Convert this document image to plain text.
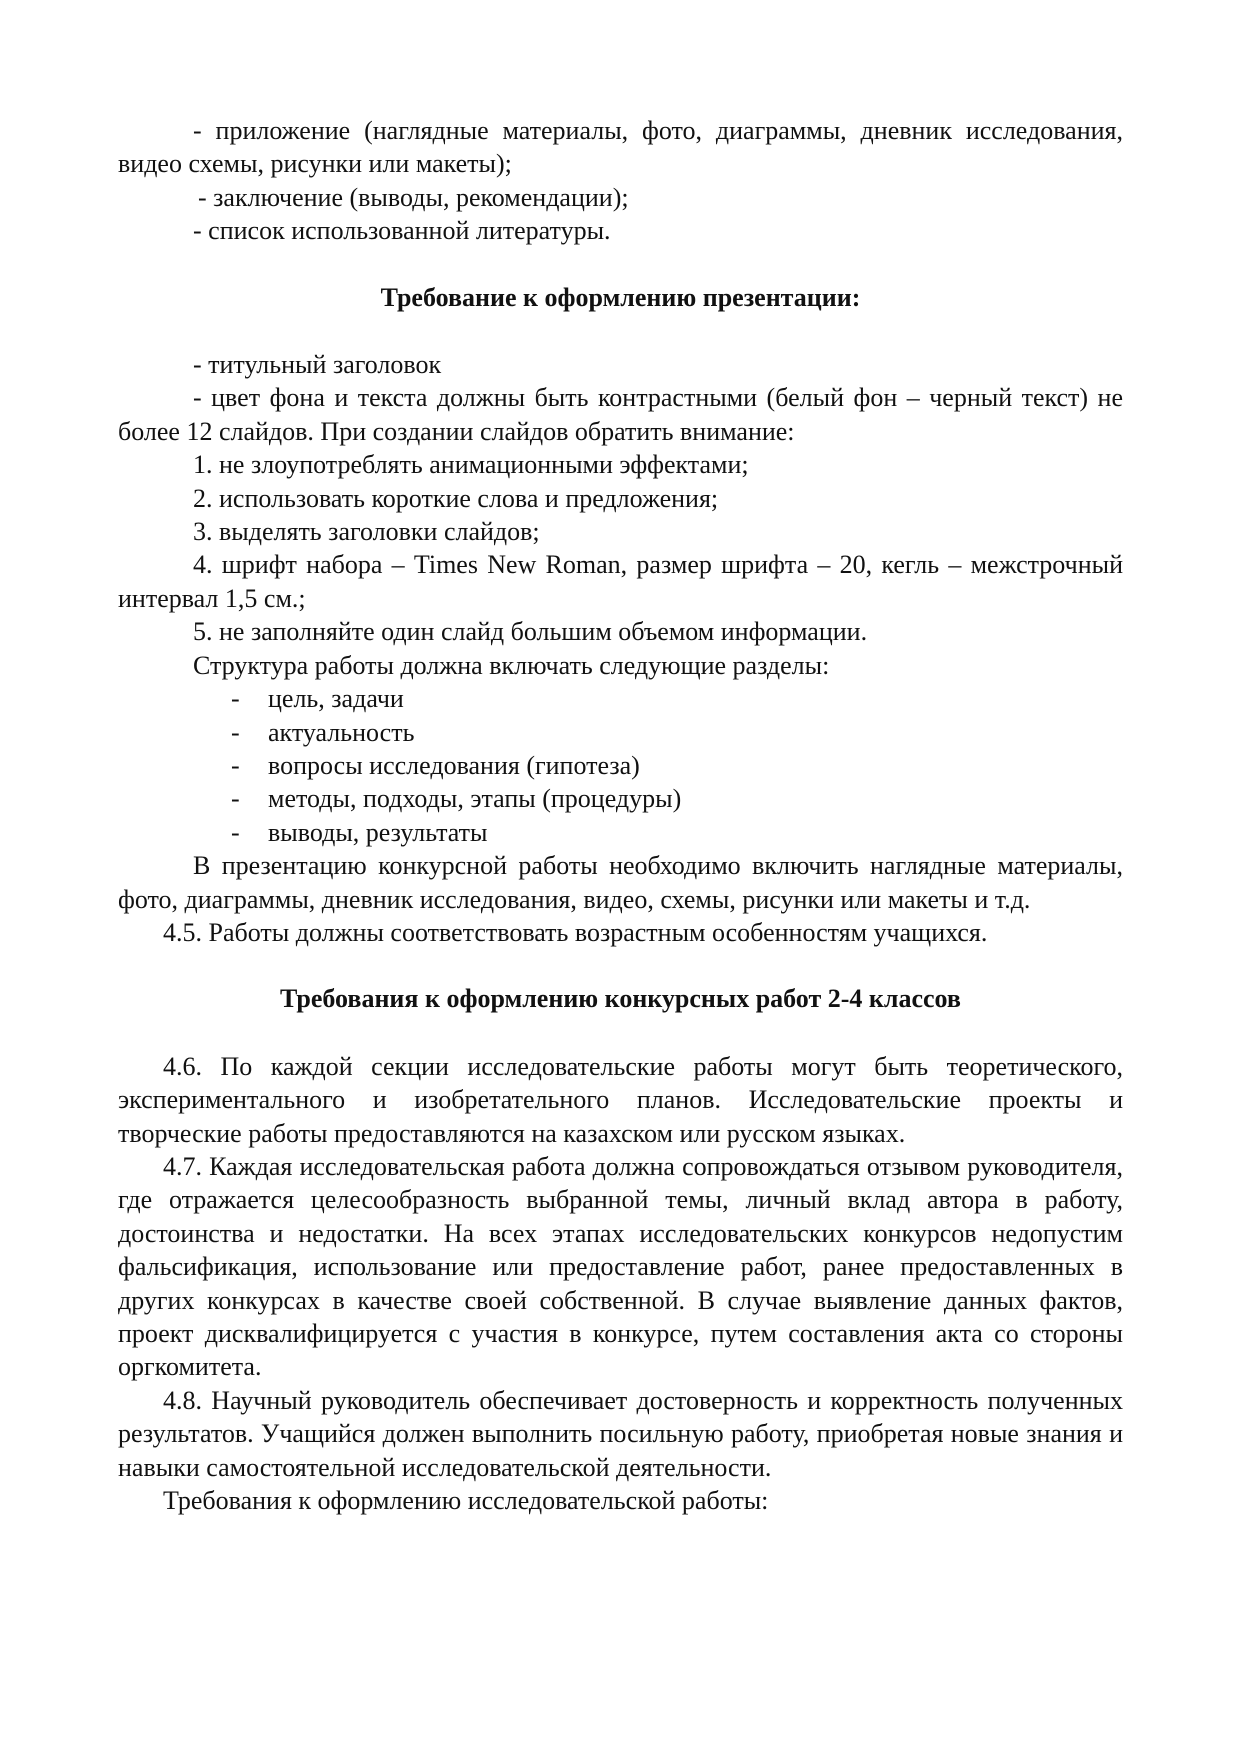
- приложение (наглядные материалы, фото, диаграммы, дневник исследования, видео схемы, рисунки или макеты);

- заключение (выводы, рекомендации);

- список использованной литературы.

Требование к оформлению презентации:

- титульный заголовок

- цвет фона и текста должны быть контрастными (белый фон – черный текст) не более 12 слайдов. При создании слайдов обратить внимание:

1. не злоупотреблять анимационными эффектами;

2. использовать короткие слова и предложения;

3. выделять заголовки слайдов;

4. шрифт набора – Times New Roman, размер шрифта – 20, кегль – межстрочный интервал 1,5 см.;

5. не заполняйте один слайд большим объемом информации.

Структура работы должна включать следующие разделы:

- цель, задачи
- актуальность
- вопросы исследования (гипотеза)
- методы, подходы, этапы (процедуры)
- выводы, результаты

В презентацию конкурсной работы необходимо включить наглядные материалы, фото, диаграммы, дневник исследования, видео, схемы, рисунки или макеты и т.д.

4.5. Работы должны соответствовать возрастным особенностям учащихся.

Требования к оформлению конкурсных работ 2-4 классов

4.6. По каждой секции исследовательские работы могут быть теоретического, экспериментального и изобретательного планов. Исследовательские проекты и творческие работы предоставляются на казахском или русском языках.

4.7. Каждая исследовательская работа должна сопровождаться отзывом руководителя, где отражается целесообразность выбранной темы, личный вклад автора в работу, достоинства и недостатки. На всех этапах исследовательских конкурсов недопустим фальсификация, использование или предоставление работ, ранее предоставленных в других конкурсах в качестве своей собственной. В случае выявление данных фактов, проект дисквалифицируется с участия в конкурсе, путем составления акта со стороны оргкомитета.

4.8. Научный руководитель обеспечивает достоверность и корректность полученных результатов. Учащийся должен выполнить посильную работу, приобретая новые знания и навыки самостоятельной исследовательской деятельности.

Требования к оформлению исследовательской работы:
